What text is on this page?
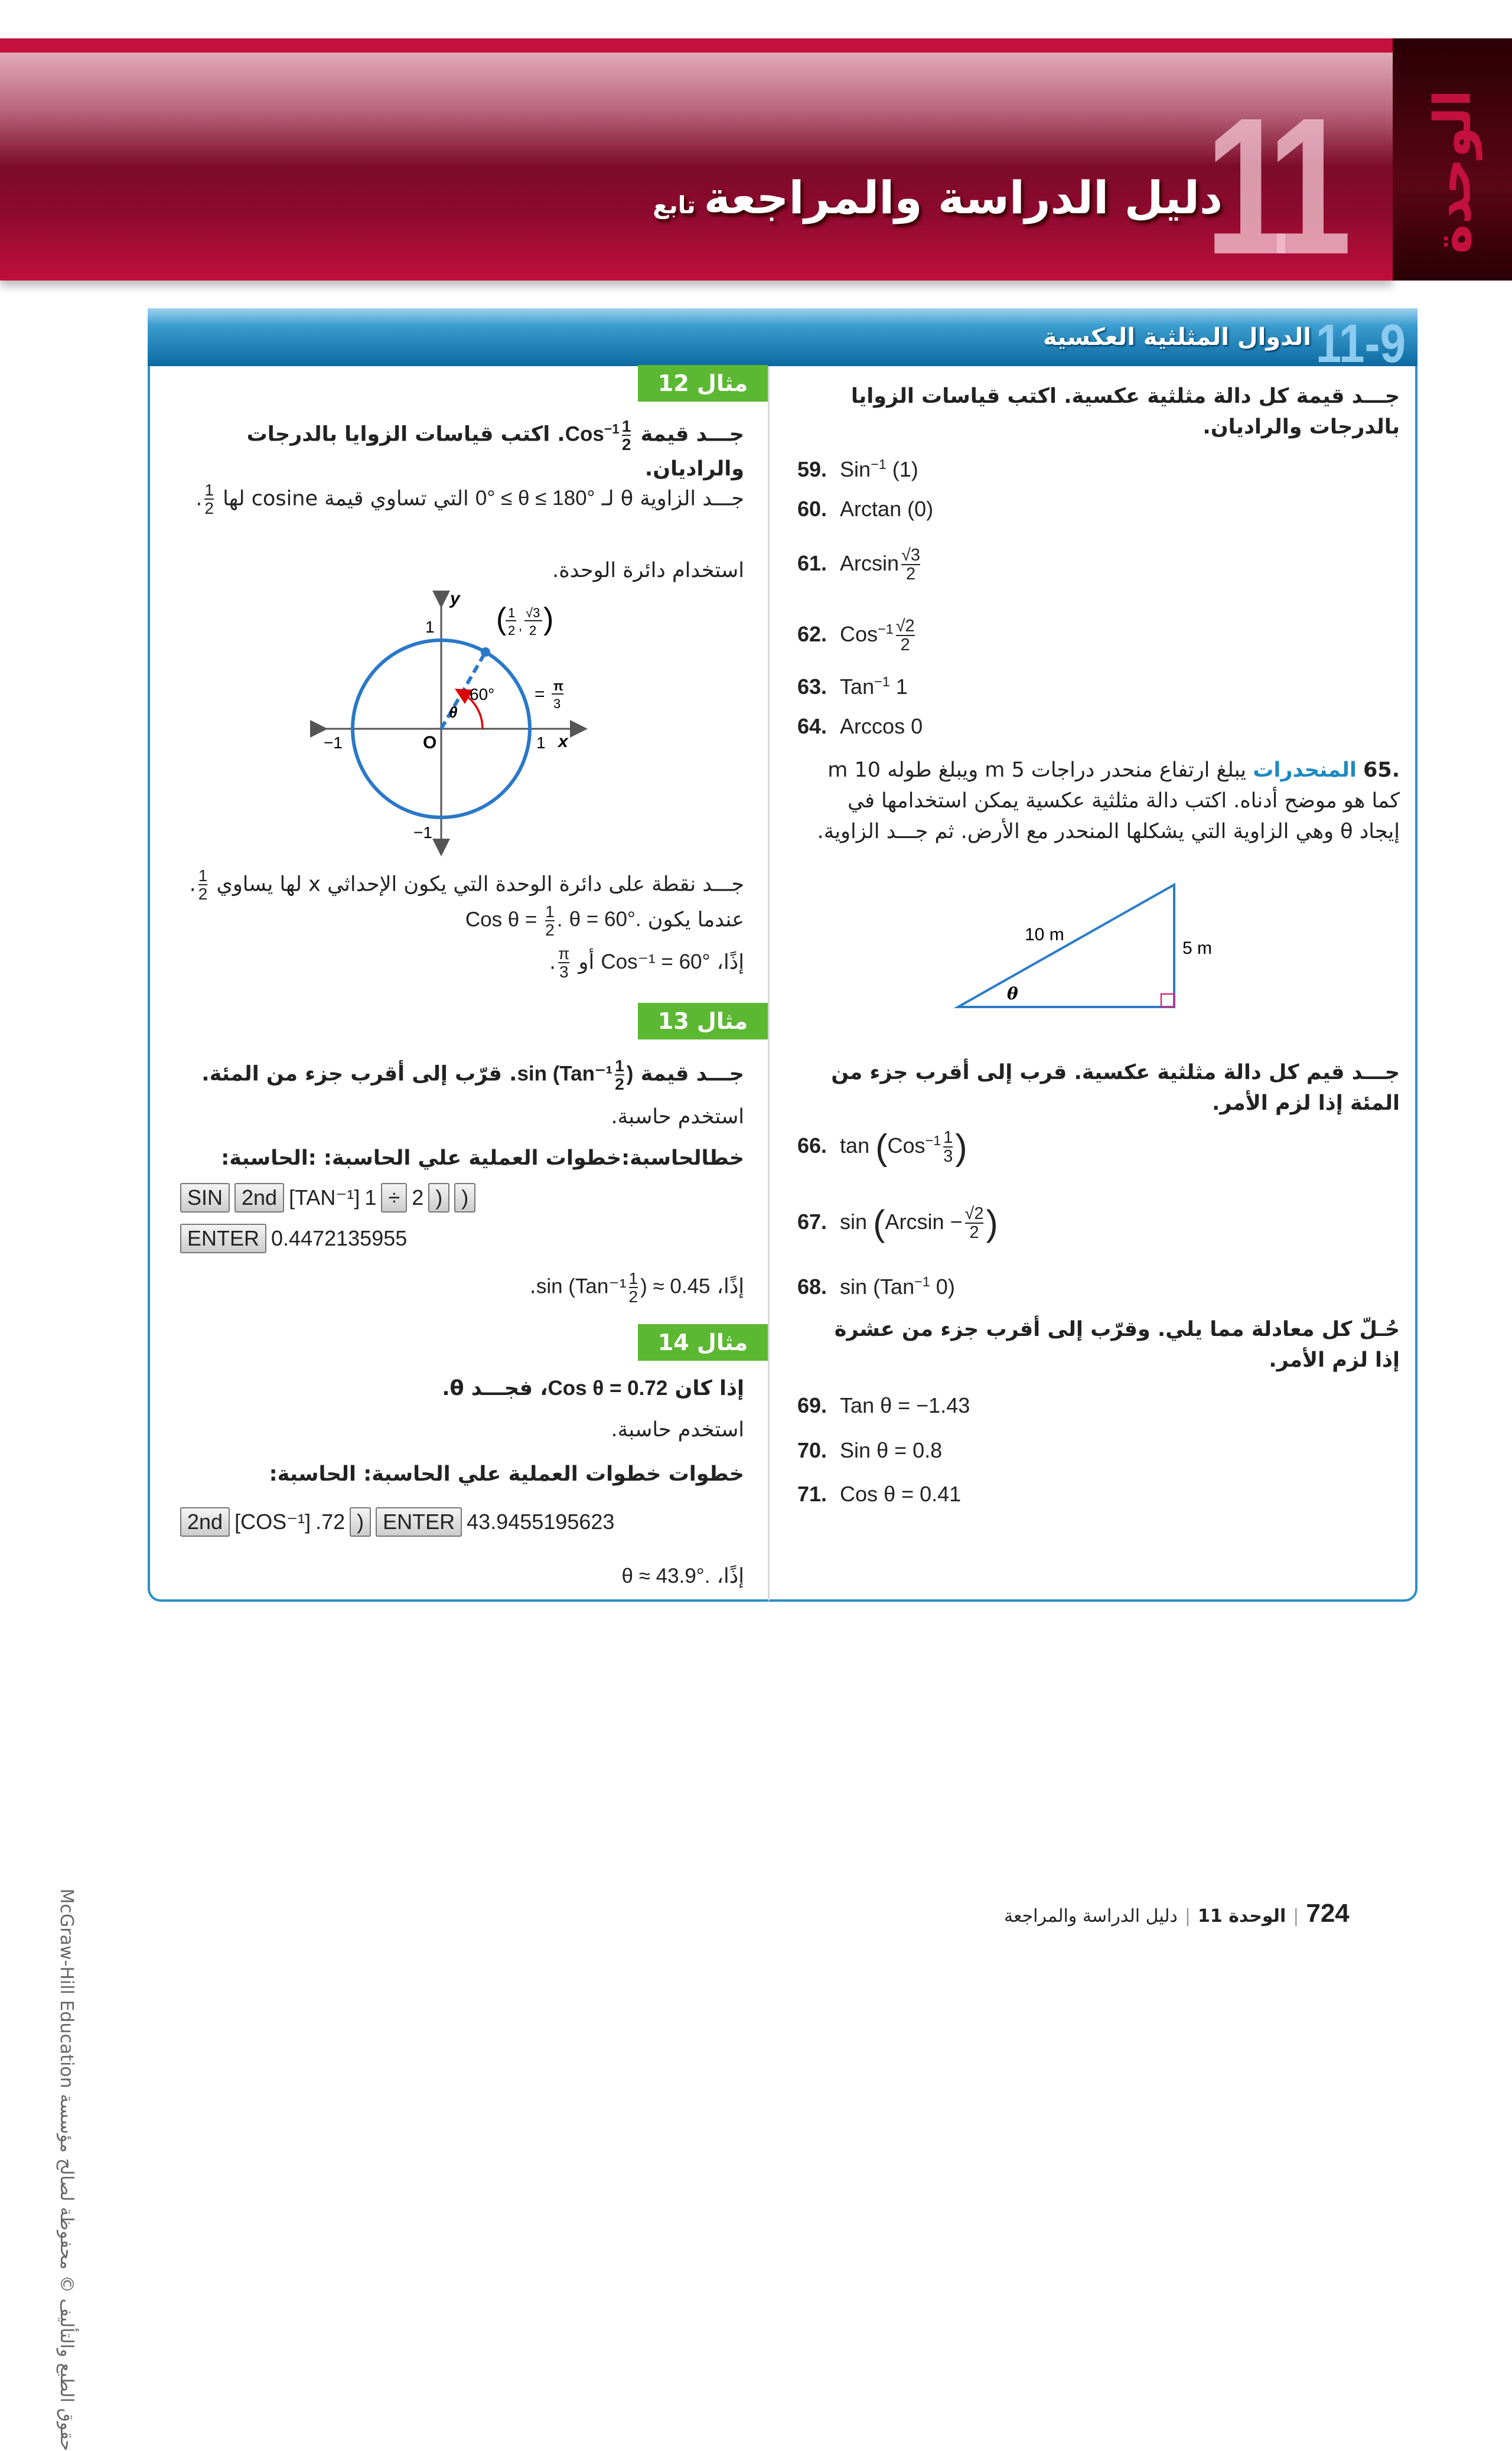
11 الوحدة
دليل الدراسة والمراجعةتابع
11-9
الدوال المثلثية العكسية
جـــد قيمة كل دالة مثلثية عكسية. اكتب قياسات الزوايا بالدرجات والراديان.
59. Sin$^{-1}$ (1)
60. Arctan (0)
61. Arcsin $\frac{√3}{2}$
62. $Cos^{-1} \frac{√2}{2}$
63. Tan$^{-1}$ 1
64. Arccos 0
.65 المنحدرات يبلغ ارتفاع منحدر دراجات 5 m ويبلغ طوله 10 m كما هو موضح أدناه. اكتب دالة مثلثية عكسية يمكن استخدامها في إيجاد θ وهي الزاوية التي يشكلها المنحدر مع الأرض. ثم جـــد الزاوية.
10 m
5 m
θ
جـــد قيم كل دالة مثلثية عكسية. قرب إلى أقرب جزء من المئة إذا لزم الأمر.
66. $\tan (Cos^{-1} \frac{1}{3}$ )
67. $\sin (Arcsin - \frac{√2}{2}$ )
68. sin (Tan$^{-1}$ 0)
حُـلّ كل معادلة مما يلي. وقرّب إلى أقرب جزء من عشرة إذا لزم الأمر.
69. Tan θ = −1.43
70. Sin θ = 0.8
71. Cos θ = 0.41
مثال 12
جـــد قيمة $Cos^{-1} \frac{1}{2}$
. اكتب قياسات الزوايا بالدرجات والراديان.
جـــد الزاوية θ لـ 0° ≤ θ ≤ 180° التي تساوي قيمة cosine لها
$\frac{1}{2}$
.
استخدام دائرة الوحدة.
y
x
1
−1
1
−1	O
60°
θ
= π
3
( 1
2 ,
√3
2 )
جـــد نقطة على دائرة الوحدة التي يكون الإحداثي x لها يساوي
$\frac{1}{2}$
. عندما يكون θ = 60°. Cos $\theta = \frac{1}{2}$ .
إذًا، Cos⁻¹ = 60° أو
$\frac{\pi}{3}$
.
مثال 13
جـــد قيمة $\sin (Tan^{-1} \frac{1}{2}$ ). قرّب إلى أقرب جزء من المئة.
استخدم حاسبة.
خطالحاسبة:خطوات العملية علي الحاسبة: :الحاسبة:
SIN 2nd [TAN⁻¹] 1 ÷ 2 ) )
ENTER 0.4472135955
إذًا، $\sin (Tan^{-1} \frac{1}{2}$ ) ≈ 0.45.
مثال 14
إذا كان Cos θ = 0.72، فجـــد θ.
استخدم حاسبة.
خطوات خطوات العملية علي الحاسبة: الحاسبة:
2nd [COS⁻¹] .72 ) ENTER 43.9455195623
إذًا، θ ≈ 43.9°.
حقوق الطبع والتأليف © محفوظة لصالح مؤسسة McGraw-Hill Education
724|الوحدة 11|دليل الدراسة والمراجعة
